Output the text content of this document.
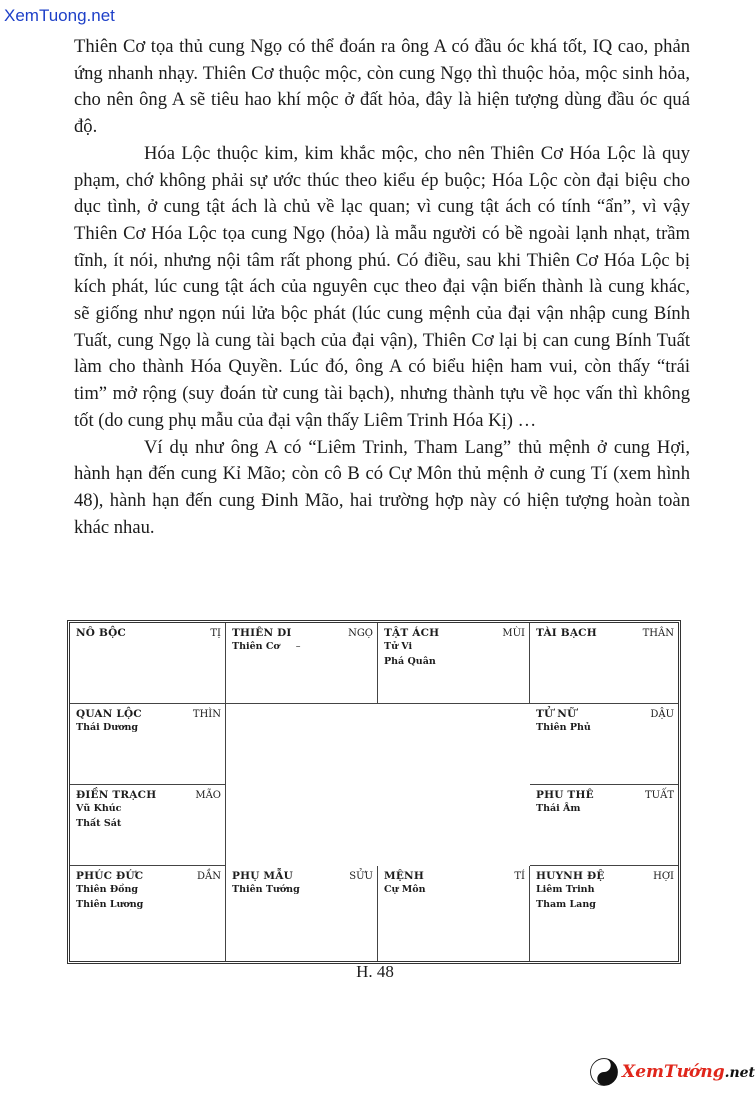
XemTuong.net

Thiên Cơ tọa thủ cung Ngọ có thể đoán ra ông A có đầu óc khá tốt, IQ cao, phản ứng nhanh nhạy. Thiên Cơ thuộc mộc, còn cung Ngọ thì thuộc hỏa, mộc sinh hỏa, cho nên ông A sẽ tiêu hao khí mộc ở đất hỏa, đây là hiện tượng dùng đầu óc quá độ.

Hóa Lộc thuộc kim, kim khắc mộc, cho nên Thiên Cơ Hóa Lộc là quy phạm, chớ không phải sự ước thúc theo kiểu ép buộc; Hóa Lộc còn đại biệu cho dục tình, ở cung tật ách là chủ về lạc quan; vì cung tật ách có tính “ẩn”, vì vậy Thiên Cơ Hóa Lộc tọa cung Ngọ (hỏa) là mẫu người có bề ngoài lạnh nhạt, trầm tĩnh, ít nói, nhưng nội tâm rất phong phú. Có điều, sau khi Thiên Cơ Hóa Lộc bị kích phát, lúc cung tật ách của nguyên cục theo đại vận biến thành là cung khác, sẽ giống như ngọn núi lửa bộc phát (lúc cung mệnh của đại vận nhập cung Bính Tuất, cung Ngọ là cung tài bạch của đại vận), Thiên Cơ lại bị can cung Bính Tuất làm cho thành Hóa Quyền. Lúc đó, ông A có biểu hiện ham vui, còn thấy “trái tim” mở rộng (suy đoán từ cung tài bạch), nhưng thành tựu về học vấn thì không tốt (do cung phụ mẫu của đại vận thấy Liêm Trinh Hóa Kị) …

Ví dụ như ông A có “Liêm Trinh, Tham Lang” thủ mệnh ở cung Hợi, hành hạn đến cung Kỉ Mão; còn cô B có Cự Môn thủ mệnh ở cung Tí (xem hình 48), hành hạn đến cung Đinh Mão, hai trường hợp này có hiện tượng hoàn toàn khác nhau.

NÔ BỘC	TỊ THIÊN DI	NGỌ
Thiên Cơ –
TẬT ÁCH	MÙI
Tử Vi
Phá Quân
TÀI BẠCH	THÂN
QUAN LỘC	THÌN
Thái Dương
TỬ NỮ	DẬU
Thiên Phủ
ĐIỀN TRẠCH	MÃO
Vũ Khúc
Thất Sát
PHU THÊ	TUẤT
Thái Âm
PHÚC ĐỨC	DẦN
Thiên Đồng
Thiên Lương
PHỤ MẪU	SỬU
Thiên Tướng
MỆNH	TÍ
Cự Môn
HUYNH ĐỆ	HỢI
Liêm Trinh
Tham Lang
H. 48
XemTướng.net
